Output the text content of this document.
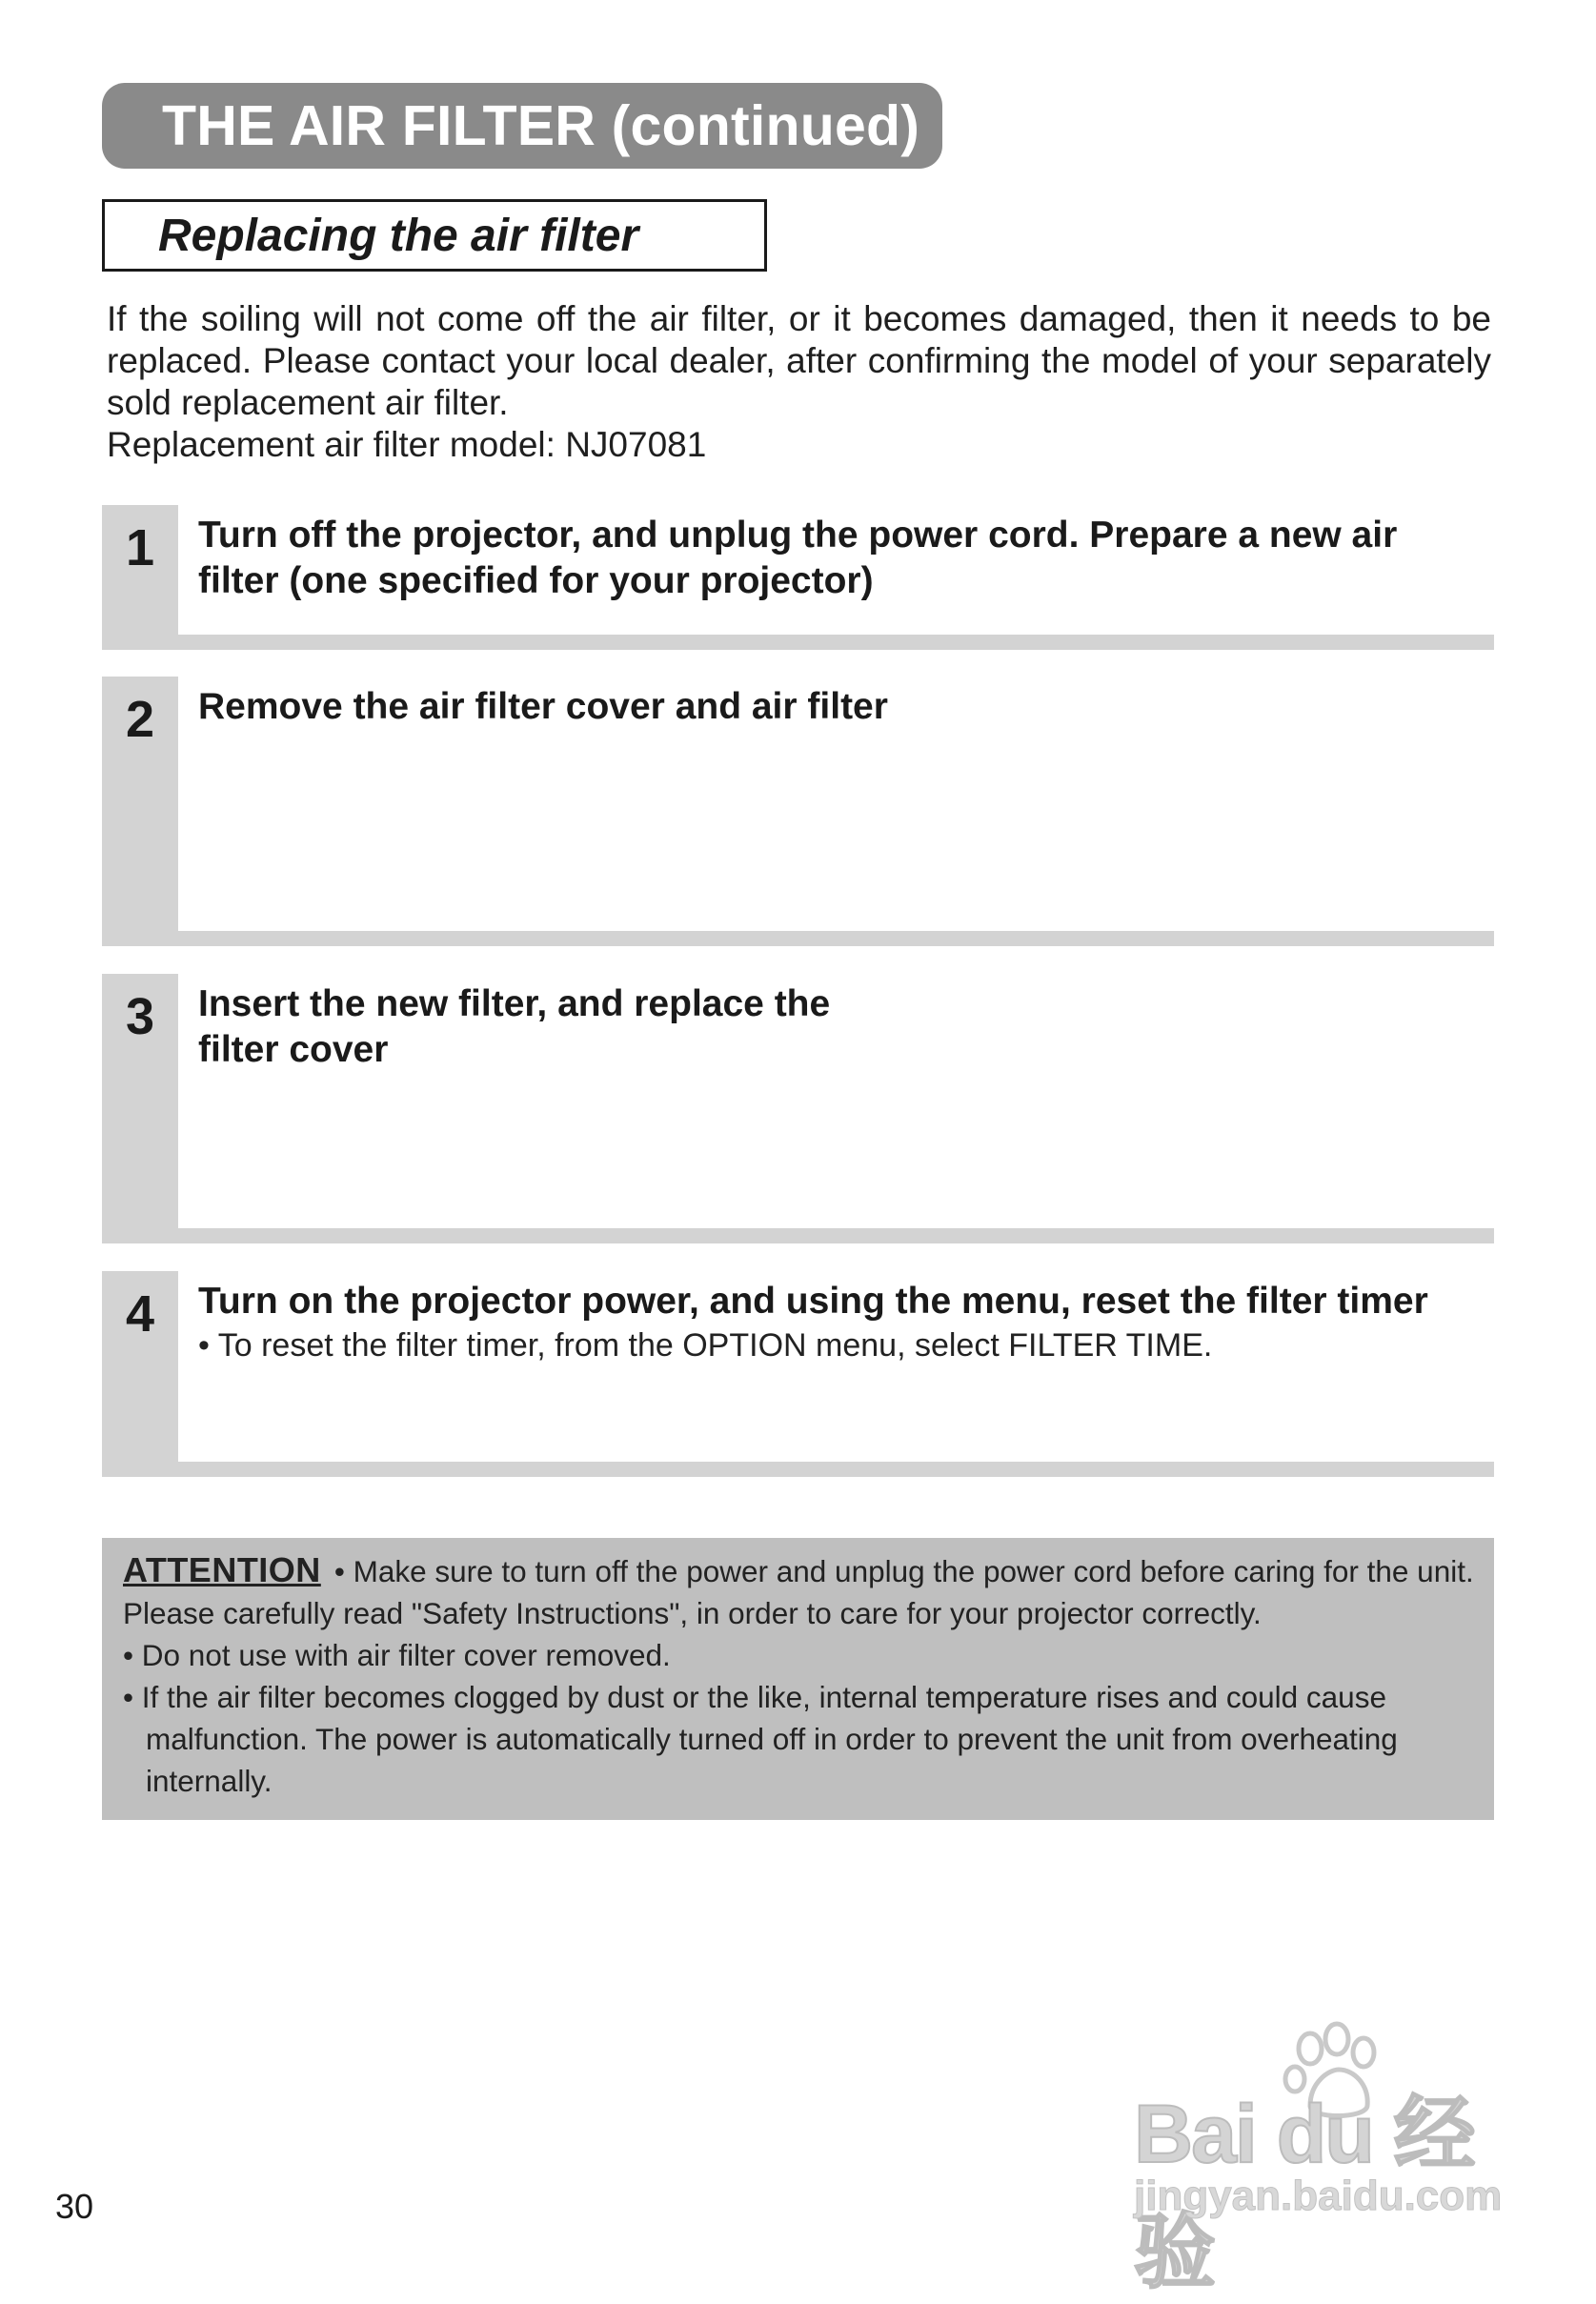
THE AIR FILTER (continued)
Replacing the air filter

If the soiling will not come off the air filter, or it becomes damaged, then it needs to be replaced. Please contact your local dealer, after confirming the model of your separately sold replacement air filter.

Replacement air filter model: NJ07081

1	Turn off the projector, and unplug the power cord. Prepare a new air filter (one specified for your projector)

2	Remove the air filter cover and air filter

3	Insert the new filter, and replace the
filter cover

4	Turn on the projector power, and using the menu, reset the filter timer

• To reset the filter timer, from the OPTION menu, select FILTER TIME.

ATTENTION • Make sure to turn off the power and unplug the power cord before caring for the unit. Please carefully read "Safety Instructions", in order to care for your projector correctly.

• Do not use with air filter cover removed.

• If the air filter becomes clogged by dust or the like, internal temperature rises and could cause malfunction. The power is automatically turned off in order to prevent the unit from overheating internally.

30
Bai du 经验
jingyan.baidu.com
